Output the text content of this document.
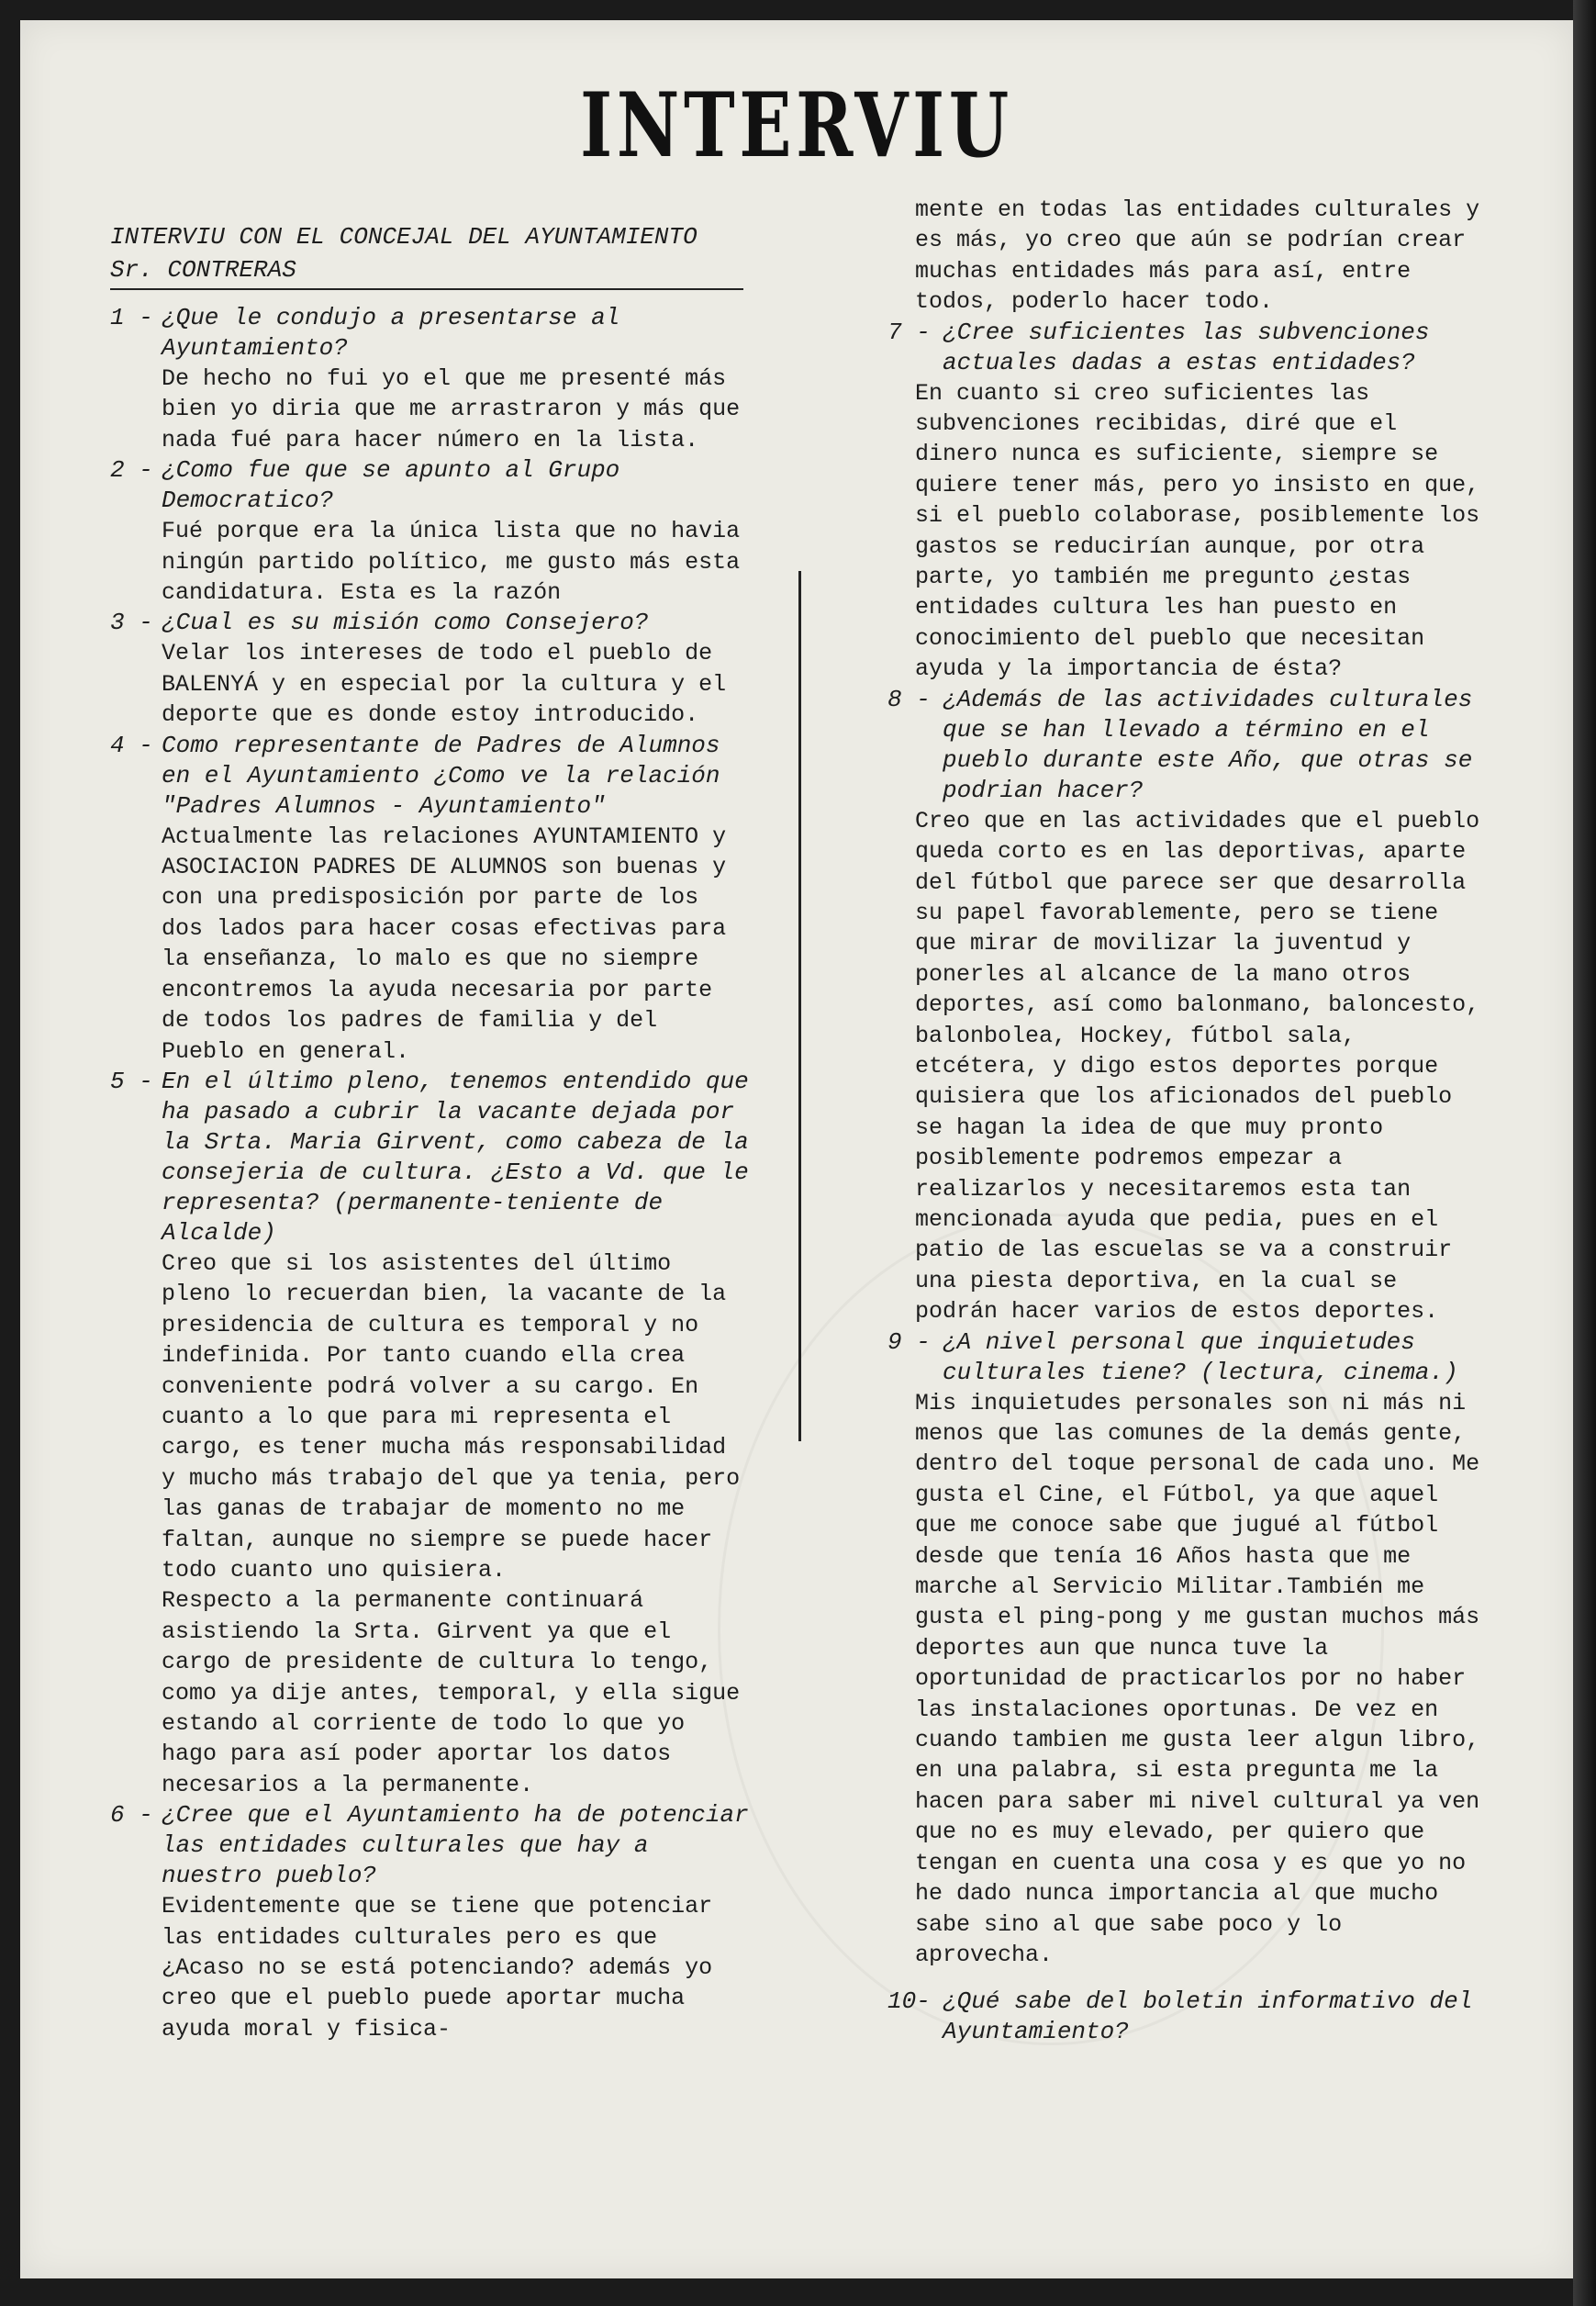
INTERVIU
INTERVIU CON EL CONCEJAL DEL AYUNTAMIENTO Sr. CONTRERAS
1 - ¿Que le condujo a presentarse al Ayuntamiento?
De hecho no fui yo el que me presenté más bien yo diria que me arrastraron y más que nada fué para hacer número en la lista.
2 - ¿Como fue que se apunto al Grupo Democratico?
Fué porque era la única lista que no havia ningún partido político, me gusto más esta candidatura. Esta es la razón
3 - ¿Cual es su misión como Consejero?
Velar los intereses de todo el pueblo de BALENYÁ y en especial por la cultura y el deporte que es donde estoy introducido.
4 - Como representante de Padres de Alumnos en el Ayuntamiento ¿Como ve la relación "Padres Alumnos - Ayuntamiento"
Actualmente las relaciones AYUNTAMIENTO y ASOCIACION PADRES DE ALUMNOS son buenas y con una predisposición por parte de los dos lados para hacer cosas efectivas para la enseñanza, lo malo es que no siempre encontremos la ayuda necesaria por parte de todos los padres de familia y del Pueblo en general.
5 - En el último pleno, tenemos entendido que ha pasado a cubrir la vacante dejada por la Srta. Maria Girvent, como cabeza de la consejeria de cultura. ¿Esto a Vd. que le representa? (permanente-teniente de Alcalde)
Creo que si los asistentes del último pleno lo recuerdan bien, la vacante de la presidencia de cultura es temporal y no indefinida. Por tanto cuando ella crea conveniente podrá volver a su cargo. En cuanto a lo que para mi representa el cargo, es tener mucha más responsabilidad y mucho más trabajo del que ya tenia, pero las ganas de trabajar de momento no me faltan, aunque no siempre se puede hacer todo cuanto uno quisiera.
Respecto a la permanente continuará asistiendo la Srta. Girvent ya que el cargo de presidente de cultura lo tengo, como ya dije antes, temporal, y ella sigue estando al corriente de todo lo que yo hago para así poder aportar los datos necesarios a la permanente.
6 - ¿Cree que el Ayuntamiento ha de potenciar las entidades culturales que hay a nuestro pueblo?
Evidentemente que se tiene que potenciar las entidades culturales pero es que ¿Acaso no se está potenciando? además yo creo que el pueblo puede aportar mucha ayuda moral y fisica-
mente en todas las entidades culturales y es más, yo creo que aún se podrían crear muchas entidades más para así, entre todos, poderlo hacer todo.
7 - ¿Cree suficientes las subvenciones actuales dadas a estas entidades?
En cuanto si creo suficientes las subvenciones recibidas, diré que el dinero nunca es suficiente, siempre se quiere tener más, pero yo insisto en que, si el pueblo colaborase, posiblemente los gastos se reducirían aunque, por otra parte, yo también me pregunto ¿estas entidades cultura les han puesto en conocimiento del pueblo que necesitan ayuda y la importancia de ésta?
8 - ¿Además de las actividades culturales que se han llevado a término en el pueblo durante este Año, que otras se podrian hacer?
Creo que en las actividades que el pueblo queda corto es en las deportivas, aparte del fútbol que parece ser que desarrolla su papel favorablemente, pero se tiene que mirar de movilizar la juventud y ponerles al alcance de la mano otros deportes, así como balonmano, baloncesto, balonbolea, Hockey, fútbol sala, etcétera, y digo estos deportes porque quisiera que los aficionados del pueblo se hagan la idea de que muy pronto posiblemente podremos empezar a realizarlos y necesitaremos esta tan mencionada ayuda que pedia, pues en el patio de las escuelas se va a construir una piesta deportiva, en la cual se podrán hacer varios de estos deportes.
9 - ¿A nivel personal que inquietudes culturales tiene? (lectura, cinema.)
Mis inquietudes personales son ni más ni menos que las comunes de la demás gente, dentro del toque personal de cada uno. Me gusta el Cine, el Fútbol, ya que aquel que me conoce sabe que jugué al fútbol desde que tenía 16 Años hasta que me marche al Servicio Militar.También me gusta el ping-pong y me gustan muchos más deportes aun que nunca tuve la oportunidad de practicarlos por no haber las instalaciones oportunas. De vez en cuando tambien me gusta leer algun libro, en una palabra, si esta pregunta me la hacen para saber mi nivel cultural ya ven que no es muy elevado, per quiero que tengan en cuenta una cosa y es que yo no he dado nunca importancia al que mucho sabe sino al que sabe poco y lo aprovecha.
10- ¿Qué sabe del boletin informativo del Ayuntamiento?
